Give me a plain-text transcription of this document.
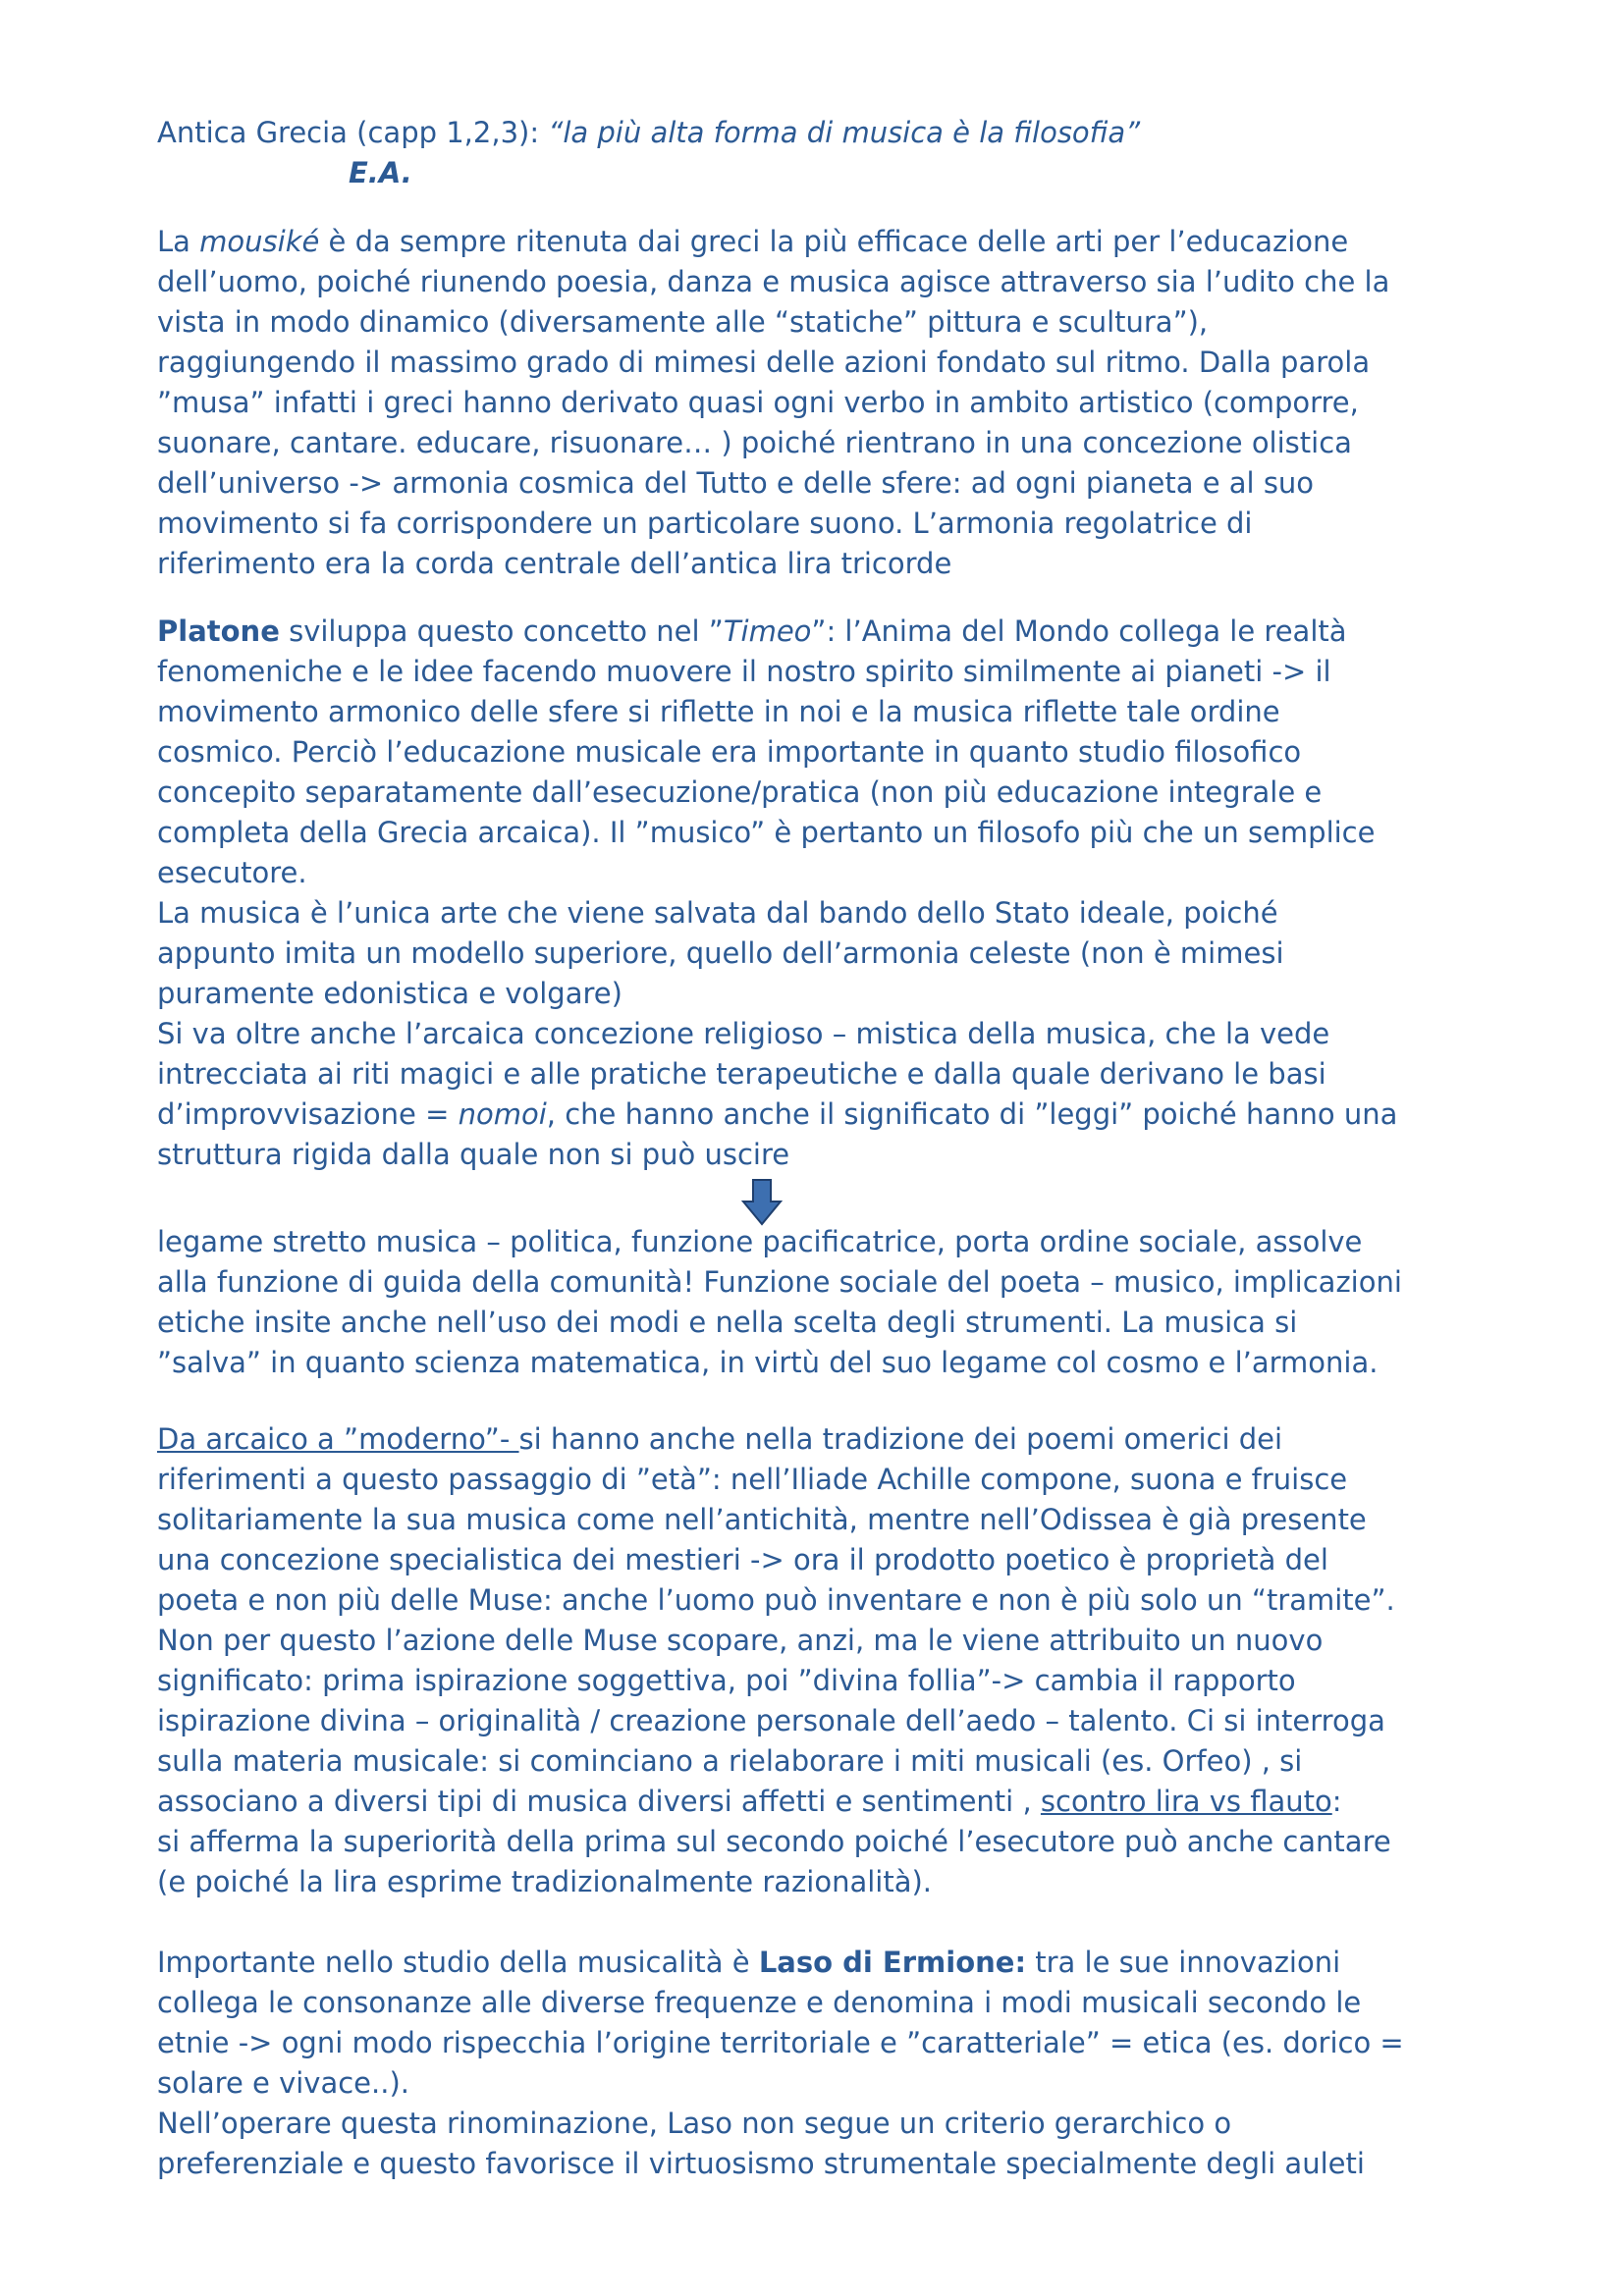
Antica Grecia (capp 1,2,3): “la più alta forma di musica è la filosofia”
E.A.
La mousiké è da sempre ritenuta dai greci la più efficace delle arti per l’educazione
dell’uomo, poiché riunendo poesia, danza e musica agisce attraverso sia l’udito che la
vista in modo dinamico (diversamente alle “statiche” pittura e scultura”),
raggiungendo il massimo grado di mimesi delle azioni fondato sul ritmo. Dalla parola
”musa” infatti i greci hanno derivato quasi ogni verbo in ambito artistico (comporre,
suonare, cantare. educare, risuonare… ) poiché rientrano in una concezione olistica
dell’universo -> armonia cosmica del Tutto e delle sfere: ad ogni pianeta e al suo
movimento si fa corrispondere un particolare suono. L’armonia regolatrice di
riferimento era la corda centrale dell’antica lira tricorde
Platone sviluppa questo concetto nel ”Timeo”: l’Anima del Mondo collega le realtà
fenomeniche e le idee facendo muovere il nostro spirito similmente ai pianeti -> il
movimento armonico delle sfere si riflette in noi e la musica riflette tale ordine
cosmico. Perciò l’educazione musicale era importante in quanto studio filosofico
concepito separatamente dall’esecuzione/pratica (non più educazione integrale e
completa della Grecia arcaica). Il ”musico” è pertanto un filosofo più che un semplice
esecutore.
La musica è l’unica arte che viene salvata dal bando dello Stato ideale, poiché
appunto imita un modello superiore, quello dell’armonia celeste (non è mimesi
puramente edonistica e volgare)
Si va oltre anche l’arcaica concezione religioso – mistica della musica, che la vede
intrecciata ai riti magici e alle pratiche terapeutiche e dalla quale derivano le basi
d’improvvisazione = nomoi, che hanno anche il significato di ”leggi” poiché hanno una
struttura rigida dalla quale non si può uscire
legame stretto musica – politica, funzione pacificatrice, porta ordine sociale, assolve
alla funzione di guida della comunità! Funzione sociale del poeta – musico, implicazioni
etiche insite anche nell’uso dei modi e nella scelta degli strumenti. La musica si
”salva” in quanto scienza matematica, in virtù del suo legame col cosmo e l’armonia.
Da arcaico a ”moderno”- si hanno anche nella tradizione dei poemi omerici dei
riferimenti a questo passaggio di ”età”: nell’Iliade Achille compone, suona e fruisce
solitariamente la sua musica come nell’antichità, mentre nell’Odissea è già presente
una concezione specialistica dei mestieri -> ora il prodotto poetico è proprietà del
poeta e non più delle Muse: anche l’uomo può inventare e non è più solo un “tramite”.
Non per questo l’azione delle Muse scopare, anzi, ma le viene attribuito un nuovo
significato: prima ispirazione soggettiva, poi ”divina follia”-> cambia il rapporto
ispirazione divina – originalità / creazione personale dell’aedo – talento. Ci si interroga
sulla materia musicale: si cominciano a rielaborare i miti musicali (es. Orfeo) , si
associano a diversi tipi di musica diversi affetti e sentimenti , scontro lira vs flauto:
si afferma la superiorità della prima sul secondo poiché l’esecutore può anche cantare
(e poiché la lira esprime tradizionalmente razionalità).
Importante nello studio della musicalità è Laso di Ermione: tra le sue innovazioni
collega le consonanze alle diverse frequenze e denomina i modi musicali secondo le
etnie -> ogni modo rispecchia l’origine territoriale e ”caratteriale” = etica (es. dorico =
solare e vivace..).
Nell’operare questa rinominazione, Laso non segue un criterio gerarchico o
preferenziale e questo favorisce il virtuosismo strumentale specialmente degli auleti
